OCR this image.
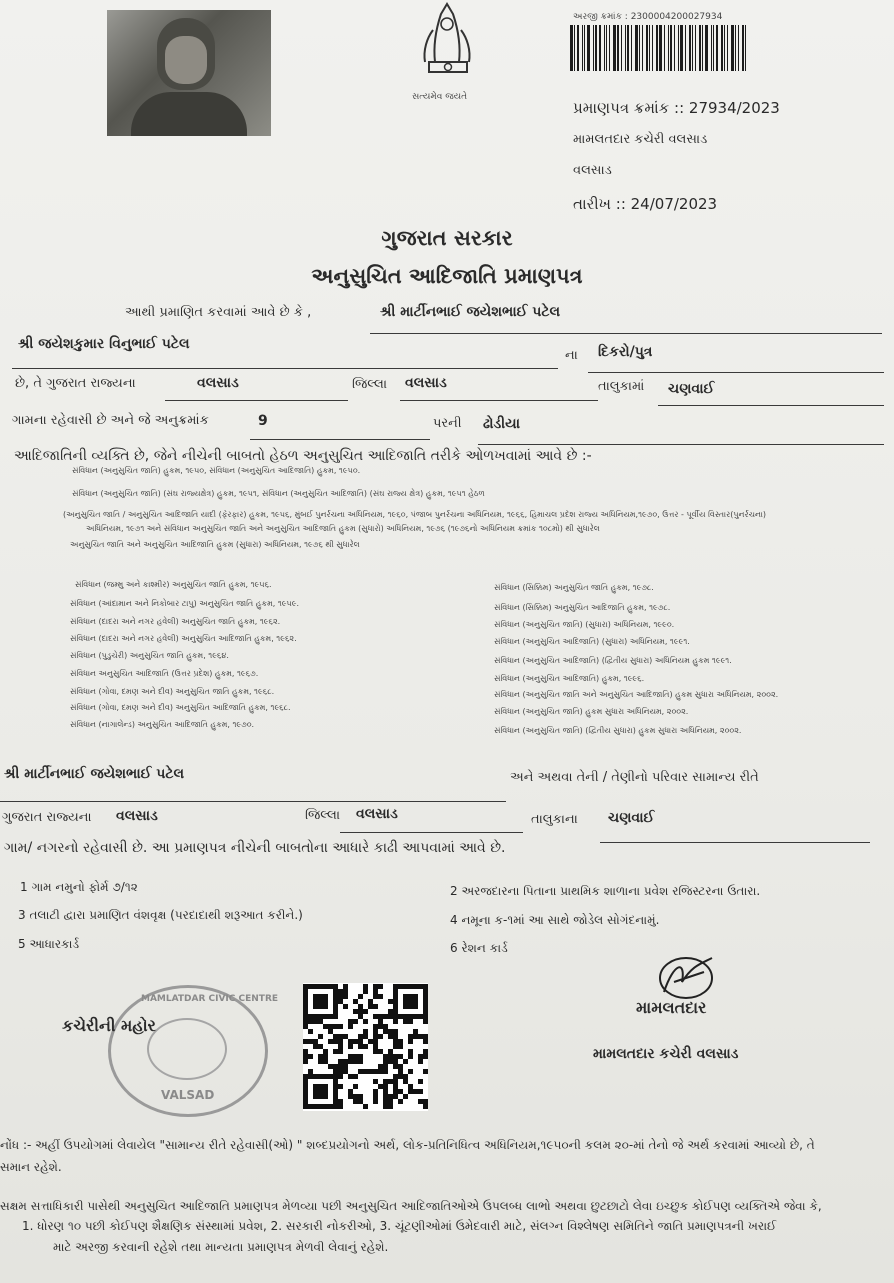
સત્યમેવ જયતે
અરજી ક્રમાંક : 2300004200027934
પ્રમાણપત્ર ક્રમાંક :: 27934/2023
મામલતદાર કચેરી વલસાડ
વલસાડ
તારીખ :: 24/07/2023
ગુજરાત સરકાર
અનુસુચિત આદિજાતિ પ્રમાણપત્ર
આથી પ્રમાણિત કરવામાં આવે છે કે ,	શ્રી માર્ટીનભાઈ જયેશભાઈ પટેલ
શ્રી જયેશકુમાર વિનુભાઈ પટેલ
ના દિકરો/પુત્ર
છે, તે ગુજરાત રાજ્યના	વલસાડ	જિલ્લા વલસાડ	તાલુકામાં ચણવાઈ
ગામના રહેવાસી છે અને જે અનુક્રમાંક	9	પરની ઢોડીયા
આદિજાતિની વ્યક્તિ છે, જેને નીચેની બાબતો હેઠળ અનુસુચિત આદિજાતિ તરીકે ઓળખવામાં આવે છે :-
સંવિધાન (અનુસુચિત જાતિ) હુકમ, ૧૯૫૦, સંવિધાન (અનુસુચિત આદિજાતિ) હુકમ, ૧૯૫૦.
સંવિધાન (અનુસુચિત જાતિ) (સંઘ રાજ્યક્ષેત્ર) હુકમ, ૧૯૫૧, સંવિધાન (અનુસુચિત આદિજાતિ) (સંઘ રાજ્ય ક્ષેત્ર) હુકમ, ૧૯૫૧ હેઠળ
(અનુસુચિત જાતિ / અનુસુચિત આદિજાતિ યાદી (ફેરફાર) હુકમ, ૧૯૫૬, મુંબઈ પુનર્રચના અધિનિયમ, ૧૯૬૦, પંજાબ પુનર્રચના અધિનિયમ, ૧૯૬૬, હિમાચલ પ્રદેશ રાજ્ય અધિનિયમ,૧૯૭૦, ઉત્તર - પૂર્વીય વિસ્તાર(પુનર્રચના)
અધિનિયમ, ૧૯૭૧ અને સંવિધાન અનુસુચિત જાતિ અને અનુસુચિત આદિજાતિ હુકમ (સુધારો) અધિનિયમ, ૧૯૭૬ (૧૯૭૬નો અધિનિયમ ક્રમાંક ૧૦૮મો) થી સુધારેલ
અનુસુચિત જાતિ અને અનુસુચિત આદિજાતિ હુકમ (સુધારા) અધિનિયમ, ૧૯૭૬ થી સુધારેલ
સંવિધાન (જમ્મુ અને કાશ્મીર) અનુસુચિત જાતિ હુકમ, ૧૯૫૬.
સંવિધાન (આંદામાન અને નિકોબાર ટાપુ) અનુસુચિત જાતિ હુકમ, ૧૯૫૯.
સંવિધાન (દાદરા અને નગર હવેલી) અનુસુચિત જાતિ હુકમ, ૧૯૬૨.
સંવિધાન (દાદરા અને નગર હવેલી) અનુસુચિત આદિજાતિ હુકમ, ૧૯૬૨.
સંવિધાન (પુડુચેરી) અનુસુચિત જાતિ હુકમ, ૧૯૬૪.
સંવિધાન અનુસુચિત આદિજાતિ (ઉત્તર પ્રદેશ) હુકમ, ૧૯૬૭.
સંવિધાન (ગોવા, દમણ અને દીવ) અનુસુચિત જાતિ હુકમ, ૧૯૬૮.
સંવિધાન (ગોવા, દમણ અને દીવ) અનુસુચિત આદિજાતિ હુકમ, ૧૯૬૮.
સંવિધાન (નાગાલેન્ડ) અનુસુચિત આદિજાતિ હુકમ, ૧૯૭૦.
સંવિધાન (સિક્કિમ) અનુસુચિત જાતિ હુકમ, ૧૯૭૮.
સંવિધાન (સિક્કિમ) અનુસુચિત આદિજાતિ હુકમ, ૧૯૭૮.
સંવિધાન (અનુસુચિત જાતિ) (સુધારા) અધિનિયમ, ૧૯૯૦.
સંવિધાન (અનુસુચિત આદિજાતિ) (સુધારા) અધિનિયમ, ૧૯૯૧.
સંવિધાન (અનુસુચિત આદિજાતિ) (દ્વિતીય સુધારા) અધિનિયમ હુકમ ૧૯૯૧.
સંવિધાન (અનુસુચિત આદિજાતિ) હુકમ, ૧૯૯૬.
સંવિધાન (અનુસુચિત જાતિ અને અનુસુચિત આદિજાતિ) હુકમ સુધારા અધિનિયમ, ૨૦૦૨.
સંવિધાન (અનુસુચિત જાતિ) હુકમ સુધારા અધિનિયમ, ૨૦૦૨.
સંવિધાન (અનુસુચિત જાતિ) (દ્વિતીય સુધારા) હુકમ સુધારા અધિનિયમ, ૨૦૦૨.
શ્રી માર્ટીનભાઈ જયેશભાઈ પટેલ	અને અથવા તેની / તેણીનો પરિવાર સામાન્ય રીતે
ગુજરાત રાજ્યના વલસાડ	જિલ્લા વલસાડ	તાલુકાના ચણવાઈ
ગામ/ નગરનો રહેવાસી છે. આ પ્રમાણપત્ર નીચેની બાબતોના આધારે કાઢી આપવામાં આવે છે.
1 ગામ નમુનો ફોર્મ ૭/૧૨	2 અરજદારના પિતાના પ્રાથમિક શાળાના પ્રવેશ રજિસ્ટરના ઉતારા.
3 તલાટી દ્વારા પ્રમાણિત વંશવૃક્ષ (પરદાદાથી શરૂઆત કરીને.)	4 નમૂના ક-૧માં આ સાથે જોડેલ સોગંદનામું.
5 આધારકાર્ડ	6 રેશન કાર્ડ
MAMLATDAR CIVIC CENTRE
VALSAD
કચેરીની મહોર
મામલતદાર
મામલતદાર કચેરી વલસાડ
નોંધ :- અહીં ઉપયોગમાં લેવાયેલ "સામાન્ય રીતે રહેવાસી(ઓ) " શબ્દપ્રયોગનો અર્થ, લોક-પ્રતિનિધિત્વ અધિનિયમ,૧૯૫૦ની કલમ ૨૦-માં તેનો જે અર્થ કરવામાં આવ્યો છે, તે
સમાન રહેશે.
સક્ષમ સત્તાધિકારી પાસેથી અનુસુચિત આદિજાતિ પ્રમાણપત્ર મેળવ્યા પછી અનુસુચિત આદિજાતિઓએ ઉપલબ્ધ લાભો અથવા છુટછાટો લેવા ઇચ્છુક કોઈપણ વ્યક્તિએ જેવા કે,
1. ધોરણ ૧૦ પછી કોઈપણ શૈક્ષણિક સંસ્થામાં પ્રવેશ, 2. સરકારી નોકરીઓ, 3. ચૂંટણીઓમાં ઉમેદવારી માટે, સંલગ્ન વિશ્લેષણ સમિતિને જાતિ પ્રમાણપત્રની ખરાઈ
માટે અરજી કરવાની રહેશે તથા માન્યતા પ્રમાણપત્ર મેળવી લેવાનું રહેશે.
